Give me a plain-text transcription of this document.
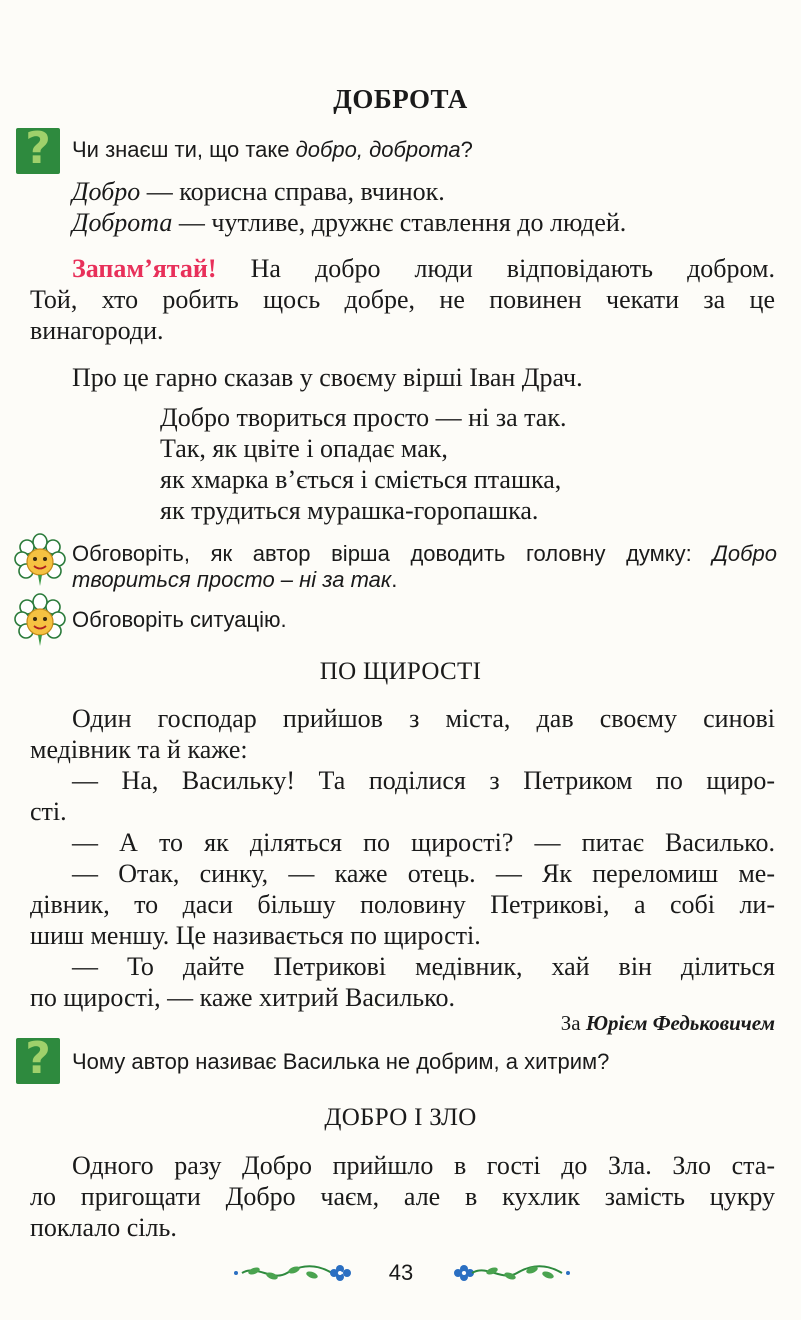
ДОБРОТА
? Чи знаєш ти, що таке добро, доброта?
Добро — корисна справа, вчинок.
Доброта — чутливе, дружнє ставлення до людей.
Запам’ятай! На добро люди відповідають добром.
Той, хто робить щось добре, не повинен чекати за це
винагороди.
Про це гарно сказав у своєму вірші Іван Драч.
Добро твориться просто — ні за так.
Так, як цвіте і опадає мак,
як хмарка в’ється і сміється пташка,
як трудиться мурашка-горопашка.
Обговоріть, як автор вірша доводить головну думку: Добро
твориться просто – ні за так.
Обговоріть ситуацію.
ПО ЩИРОСТІ
Один господар прийшов з міста, дав своєму синові
медівник та й каже:
— На, Васильку! Та поділися з Петриком по щиро-
сті.
— А то як діляться по щирості? — питає Василько.
— Отак, синку, — каже отець. — Як переломиш ме-
дівник, то даси більшу половину Петрикові, а собі ли-
шиш меншу. Це називається по щирості.
— То дайте Петрикові медівник, хай він ділиться
по щирості, — каже хитрий Василько.
За Юрієм Федьковичем
? Чому автор називає Василька не добрим, а хитрим?
ДОБРО І ЗЛО
Одного разу Добро прийшло в гості до Зла. Зло ста-
ло пригощати Добро чаєм, але в кухлик замість цукру
поклало сіль.
43
